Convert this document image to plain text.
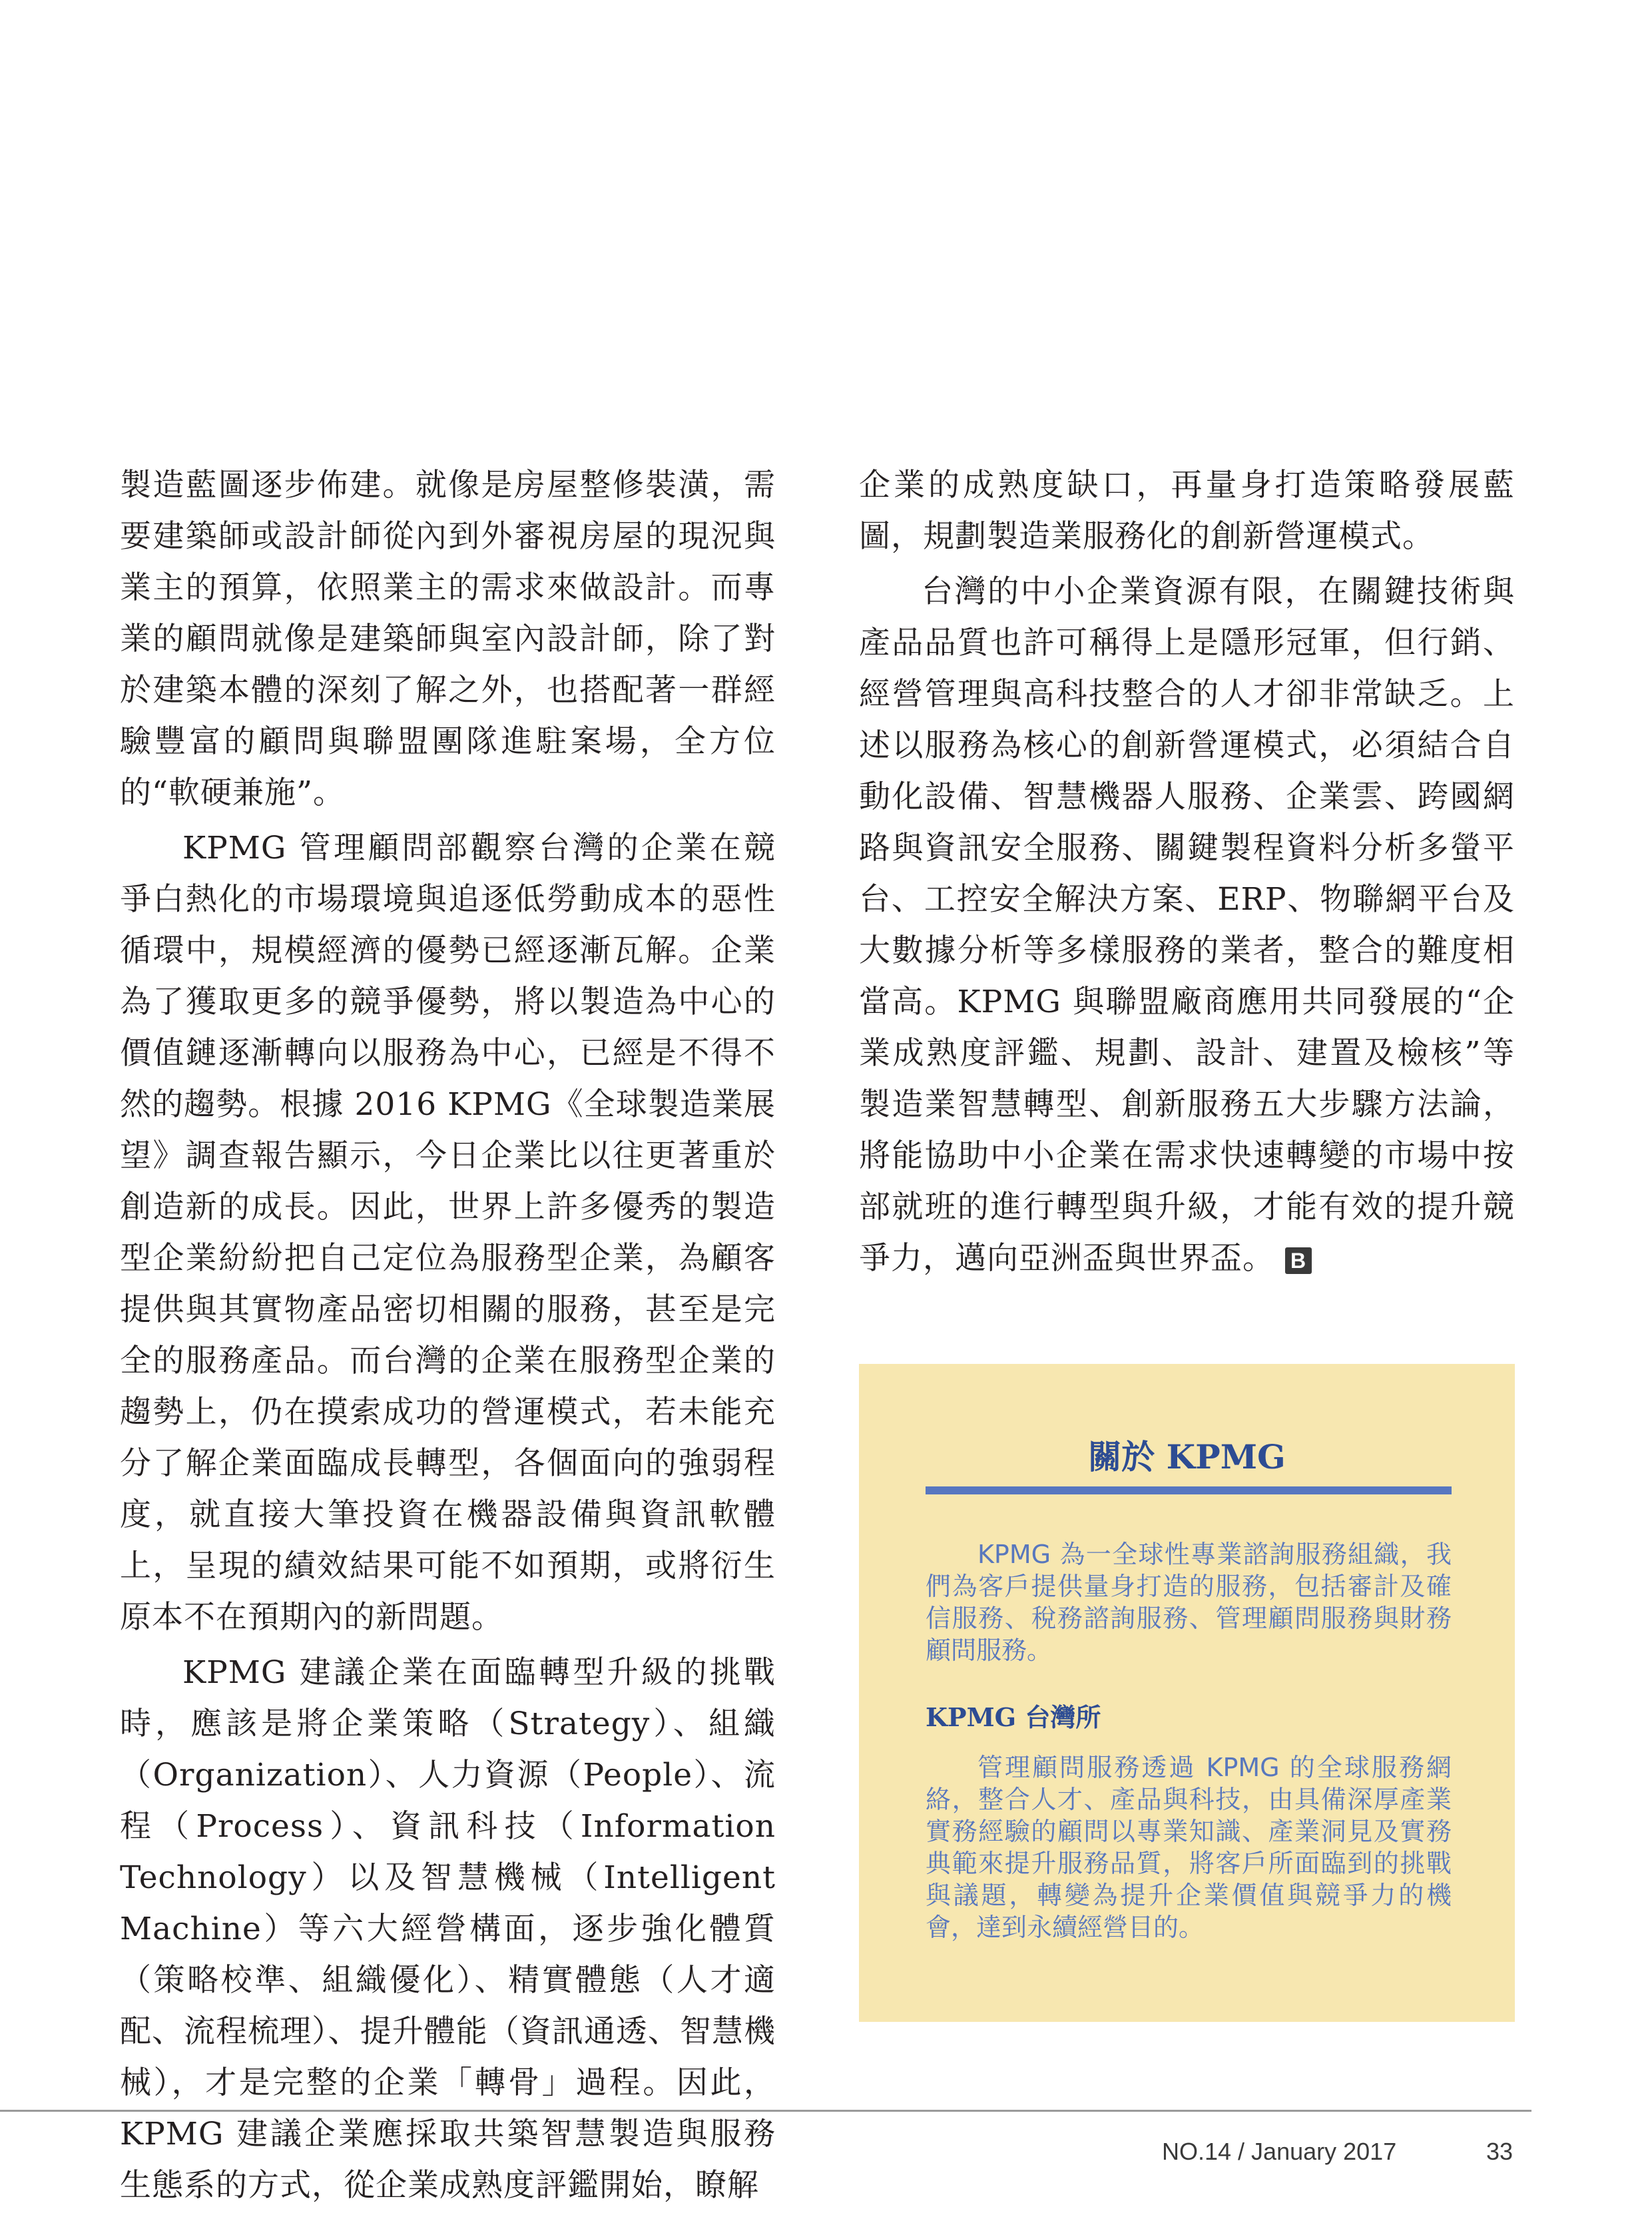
製造藍圖逐步佈建。就像是房屋整修裝潢，需要建築師或設計師從內到外審視房屋的現況與業主的預算，依照業主的需求來做設計。而專業的顧問就像是建築師與室內設計師，除了對於建築本體的深刻了解之外，也搭配著一群經驗豐富的顧問與聯盟團隊進駐案場，全方位的“軟硬兼施”。

KPMG 管理顧問部觀察台灣的企業在競爭白熱化的市場環境與追逐低勞動成本的惡性循環中，規模經濟的優勢已經逐漸瓦解。企業為了獲取更多的競爭優勢，將以製造為中心的價值鏈逐漸轉向以服務為中心，已經是不得不然的趨勢。根據 2016 KPMG《全球製造業展望》調查報告顯示，今日企業比以往更著重於創造新的成長。因此，世界上許多優秀的製造型企業紛紛把自己定位為服務型企業，為顧客提供與其實物產品密切相關的服務，甚至是完全的服務產品。而台灣的企業在服務型企業的趨勢上，仍在摸索成功的營運模式，若未能充分了解企業面臨成長轉型，各個面向的強弱程度，就直接大筆投資在機器設備與資訊軟體上，呈現的績效結果可能不如預期，或將衍生原本不在預期內的新問題。

KPMG 建議企業在面臨轉型升級的挑戰時，應該是將企業策略（Strategy）、組織（Organization）、人力資源（People）、流程（Process）、資訊科技（Information Technology）以及智慧機械（Intelligent Machine）等六大經營構面，逐步強化體質（策略校準、組織優化）、精實體態（人才適配、流程梳理）、提升體能（資訊通透、智慧機械），才是完整的企業「轉骨」過程。因此，KPMG 建議企業應採取共築智慧製造與服務生態系的方式，從企業成熟度評鑑開始，瞭解

企業的成熟度缺口，再量身打造策略發展藍圖，規劃製造業服務化的創新營運模式。

台灣的中小企業資源有限，在關鍵技術與產品品質也許可稱得上是隱形冠軍，但行銷、經營管理與高科技整合的人才卻非常缺乏。上述以服務為核心的創新營運模式，必須結合自動化設備、智慧機器人服務、企業雲、跨國網路與資訊安全服務、關鍵製程資料分析多螢平台、工控安全解決方案、ERP、物聯網平台及大數據分析等多樣服務的業者，整合的難度相當高。KPMG 與聯盟廠商應用共同發展的“企業成熟度評鑑、規劃、設計、建置及檢核”等製造業智慧轉型、創新服務五大步驟方法論，將能協助中小企業在需求快速轉變的市場中按部就班的進行轉型與升級，才能有效的提升競爭力，邁向亞洲盃與世界盃。 B

關於 KPMG

KPMG 為一全球性專業諮詢服務組織，我們為客戶提供量身打造的服務，包括審計及確信服務、稅務諮詢服務、管理顧問服務與財務顧問服務。

KPMG 台灣所

管理顧問服務透過 KPMG 的全球服務網絡，整合人才、產品與科技，由具備深厚產業實務經驗的顧問以專業知識、產業洞見及實務典範來提升服務品質，將客戶所面臨到的挑戰與議題，轉變為提升企業價值與競爭力的機會，達到永續經營目的。

NO.14 / January 2017	33
